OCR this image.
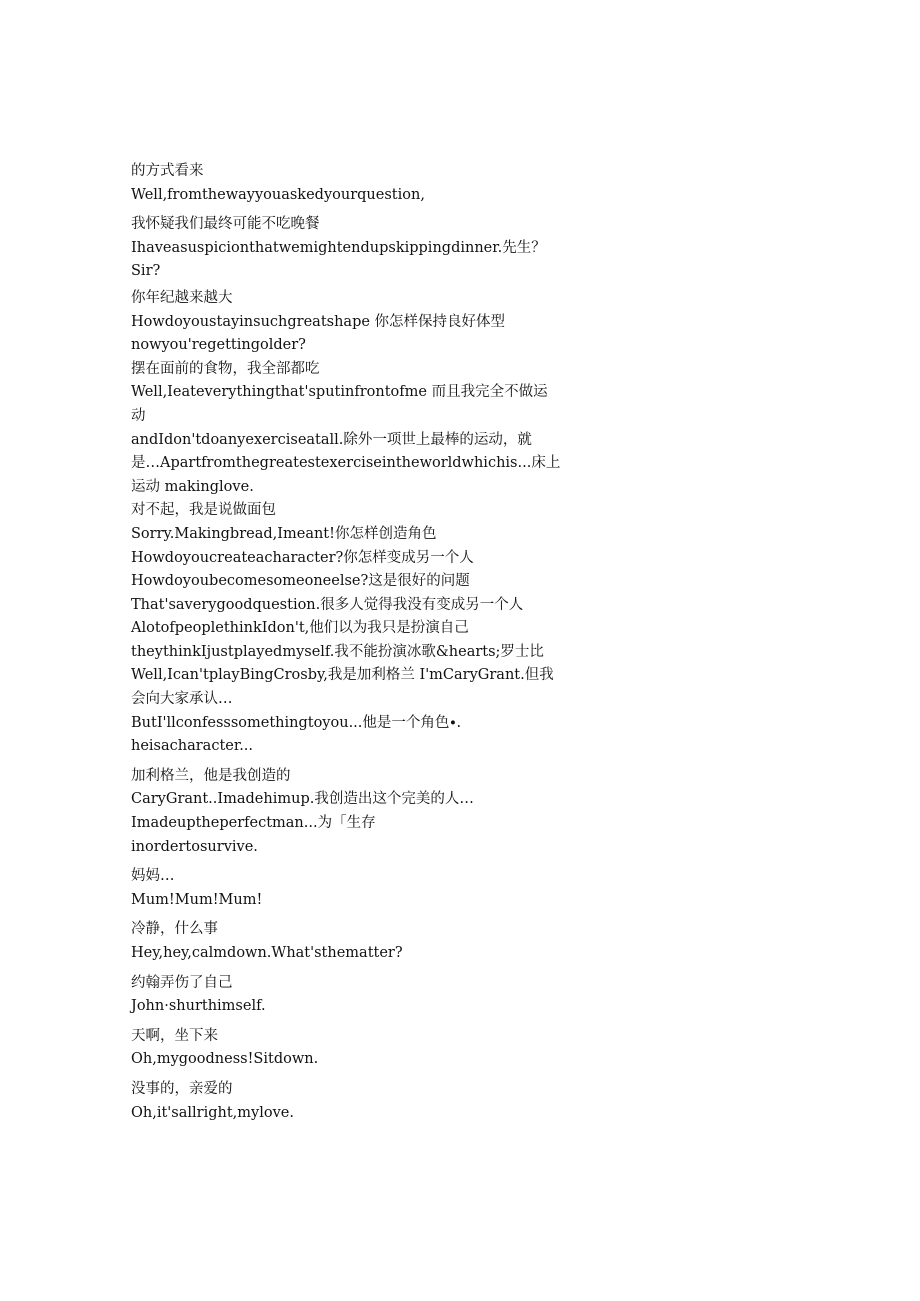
的方式看来
Well,fromthewayyouaskedyourquestion,
我怀疑我们最终可能不吃晚餐
Ihaveasuspicionthatwemightendupskippingdinner.先生？
Sir?
你年纪越来越大
Howdoyoustayinsuchgreatshape 你怎样保持良好体型
nowyou'regettingolder?
摆在面前的食物，我全部都吃
Well,Ieateverythingthat'sputinfrontofme 而且我完全不做运
动
andIdon'tdoanyexerciseatall.除外一项世上最棒的运动，就
是…Apartfromthegreatestexerciseintheworldwhichis...床上
运动 makinglove.
对不起，我是说做面包
Sorry.Makingbread,Imeant!你怎样创造角色
Howdoyoucreateacharacter?你怎样变成另一个人
Howdoyoubecomesomeoneelse?这是很好的问题
That'saverygoodquestion.很多人觉得我没有变成另一个人
AlotofpeoplethinkIdon't,他们以为我只是扮演自己
theythinkIjustplayedmyself.我不能扮演冰歌&hearts;罗士比
Well,Ican'tplayBingCrosby,我是加利格兰 I'mCaryGrant.但我
会向大家承认…
ButI'llconfesssomethingtoyou...他是一个角色∙.
heisacharacter...
加利格兰，他是我创造的
CaryGrant..Imadehimup.我创造出这个完美的人…
Imadeuptheperfectman...为「生存
inordertosurvive.
妈妈…
Mum!Mum!Mum!
冷静，什么事
Hey,hey,calmdown.What'sthematter?
约翰弄伤了自己
John·shurthimself.
天啊，坐下来
Oh,mygoodness!Sitdown.
没事的，亲爱的
Oh,it'sallright,mylove.
